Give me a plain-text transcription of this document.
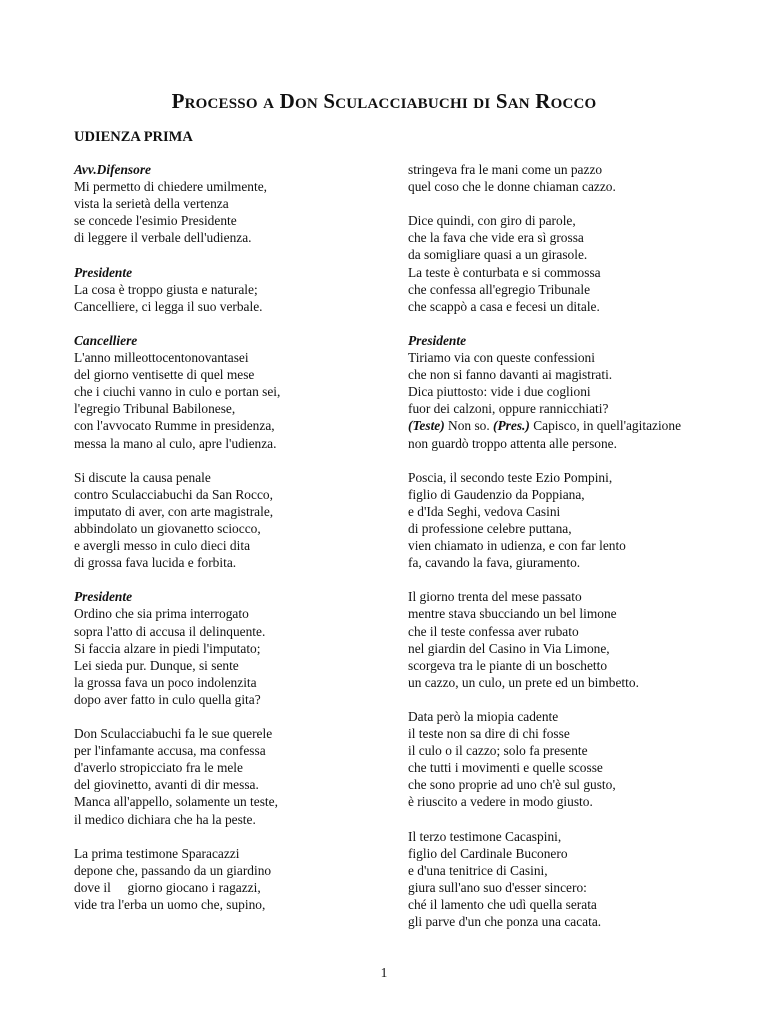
Processo a Don Sculacciabuchi di San Rocco
UDIENZA PRIMA
Avv.Difensore
Mi permetto di chiedere umilmente,
vista la serietà della vertenza
se concede l'esimio Presidente
di leggere il verbale dell'udienza.
Presidente
La cosa è troppo giusta e naturale;
Cancelliere, ci legga il suo verbale.
Cancelliere
L'anno milleottocentonovantasei
del giorno ventisette di quel mese
che i ciuchi vanno in culo e portan sei,
l'egregio Tribunal Babilonese,
con l'avvocato Rumme in presidenza,
messa la mano al culo, apre l'udienza.
Si discute la causa penale
contro Sculacciabuchi da San Rocco,
imputato di aver, con arte magistrale,
abbindolato un giovanetto sciocco,
e avergli messo in culo dieci dita
di grossa fava lucida e forbita.
Presidente
Ordino che sia prima interrogato
sopra l'atto di accusa il delinquente.
Si faccia alzare in piedi l'imputato;
Lei sieda pur. Dunque, si sente
la grossa fava un poco indolenzita
dopo aver fatto in culo quella gita?
Don Sculacciabuchi fa le sue querele
per l'infamante accusa, ma confessa
d'averlo stropicciato fra le mele
del giovinetto, avanti di dir messa.
Manca all'appello, solamente un teste,
il medico dichiara che ha la peste.
La prima testimone Sparacazzi
depone che, passando da un giardino
dove il     giorno giocano i ragazzi,
vide tra l'erba un uomo che, supino,
stringeva fra le mani come un pazzo
quel coso che le donne chiaman cazzo.
Dice quindi, con giro di parole,
che la fava che vide era sì grossa
da somigliare quasi a un girasole.
La teste è conturbata e si commossa
che confessa all'egregio Tribunale
che scappò a casa e fecesi un ditale.
Presidente
Tiriamo via con queste confessioni
che non si fanno davanti ai magistrati.
Dica piuttosto: vide i due coglioni
fuor dei calzoni, oppure rannicchiati?
(Teste) Non so. (Pres.) Capisco, in quell'agitazione
non guardò troppo attenta alle persone.
Poscia, il secondo teste Ezio Pompini,
figlio di Gaudenzio da Poppiana,
e d'Ida Seghi, vedova Casini
di professione celebre puttana,
vien chiamato in udienza, e con far lento
fa, cavando la fava, giuramento.
Il giorno trenta del mese passato
mentre stava sbucciando un bel limone
che il teste confessa aver rubato
nel giardin del Casino in Via Limone,
scorgeva tra le piante di un boschetto
un cazzo, un culo, un prete ed un bimbetto.
Data però la miopia cadente
il teste non sa dire di chi fosse
il culo o il cazzo; solo fa presente
che tutti i movimenti e quelle scosse
che sono proprie ad uno ch'è sul gusto,
è riuscito a vedere in modo giusto.
Il terzo testimone Cacaspini,
figlio del Cardinale Buconero
e d'una tenitrice di Casini,
giura sull'ano suo d'esser sincero:
ché il lamento che udì quella serata
gli parve d'un che ponza una cacata.
1
